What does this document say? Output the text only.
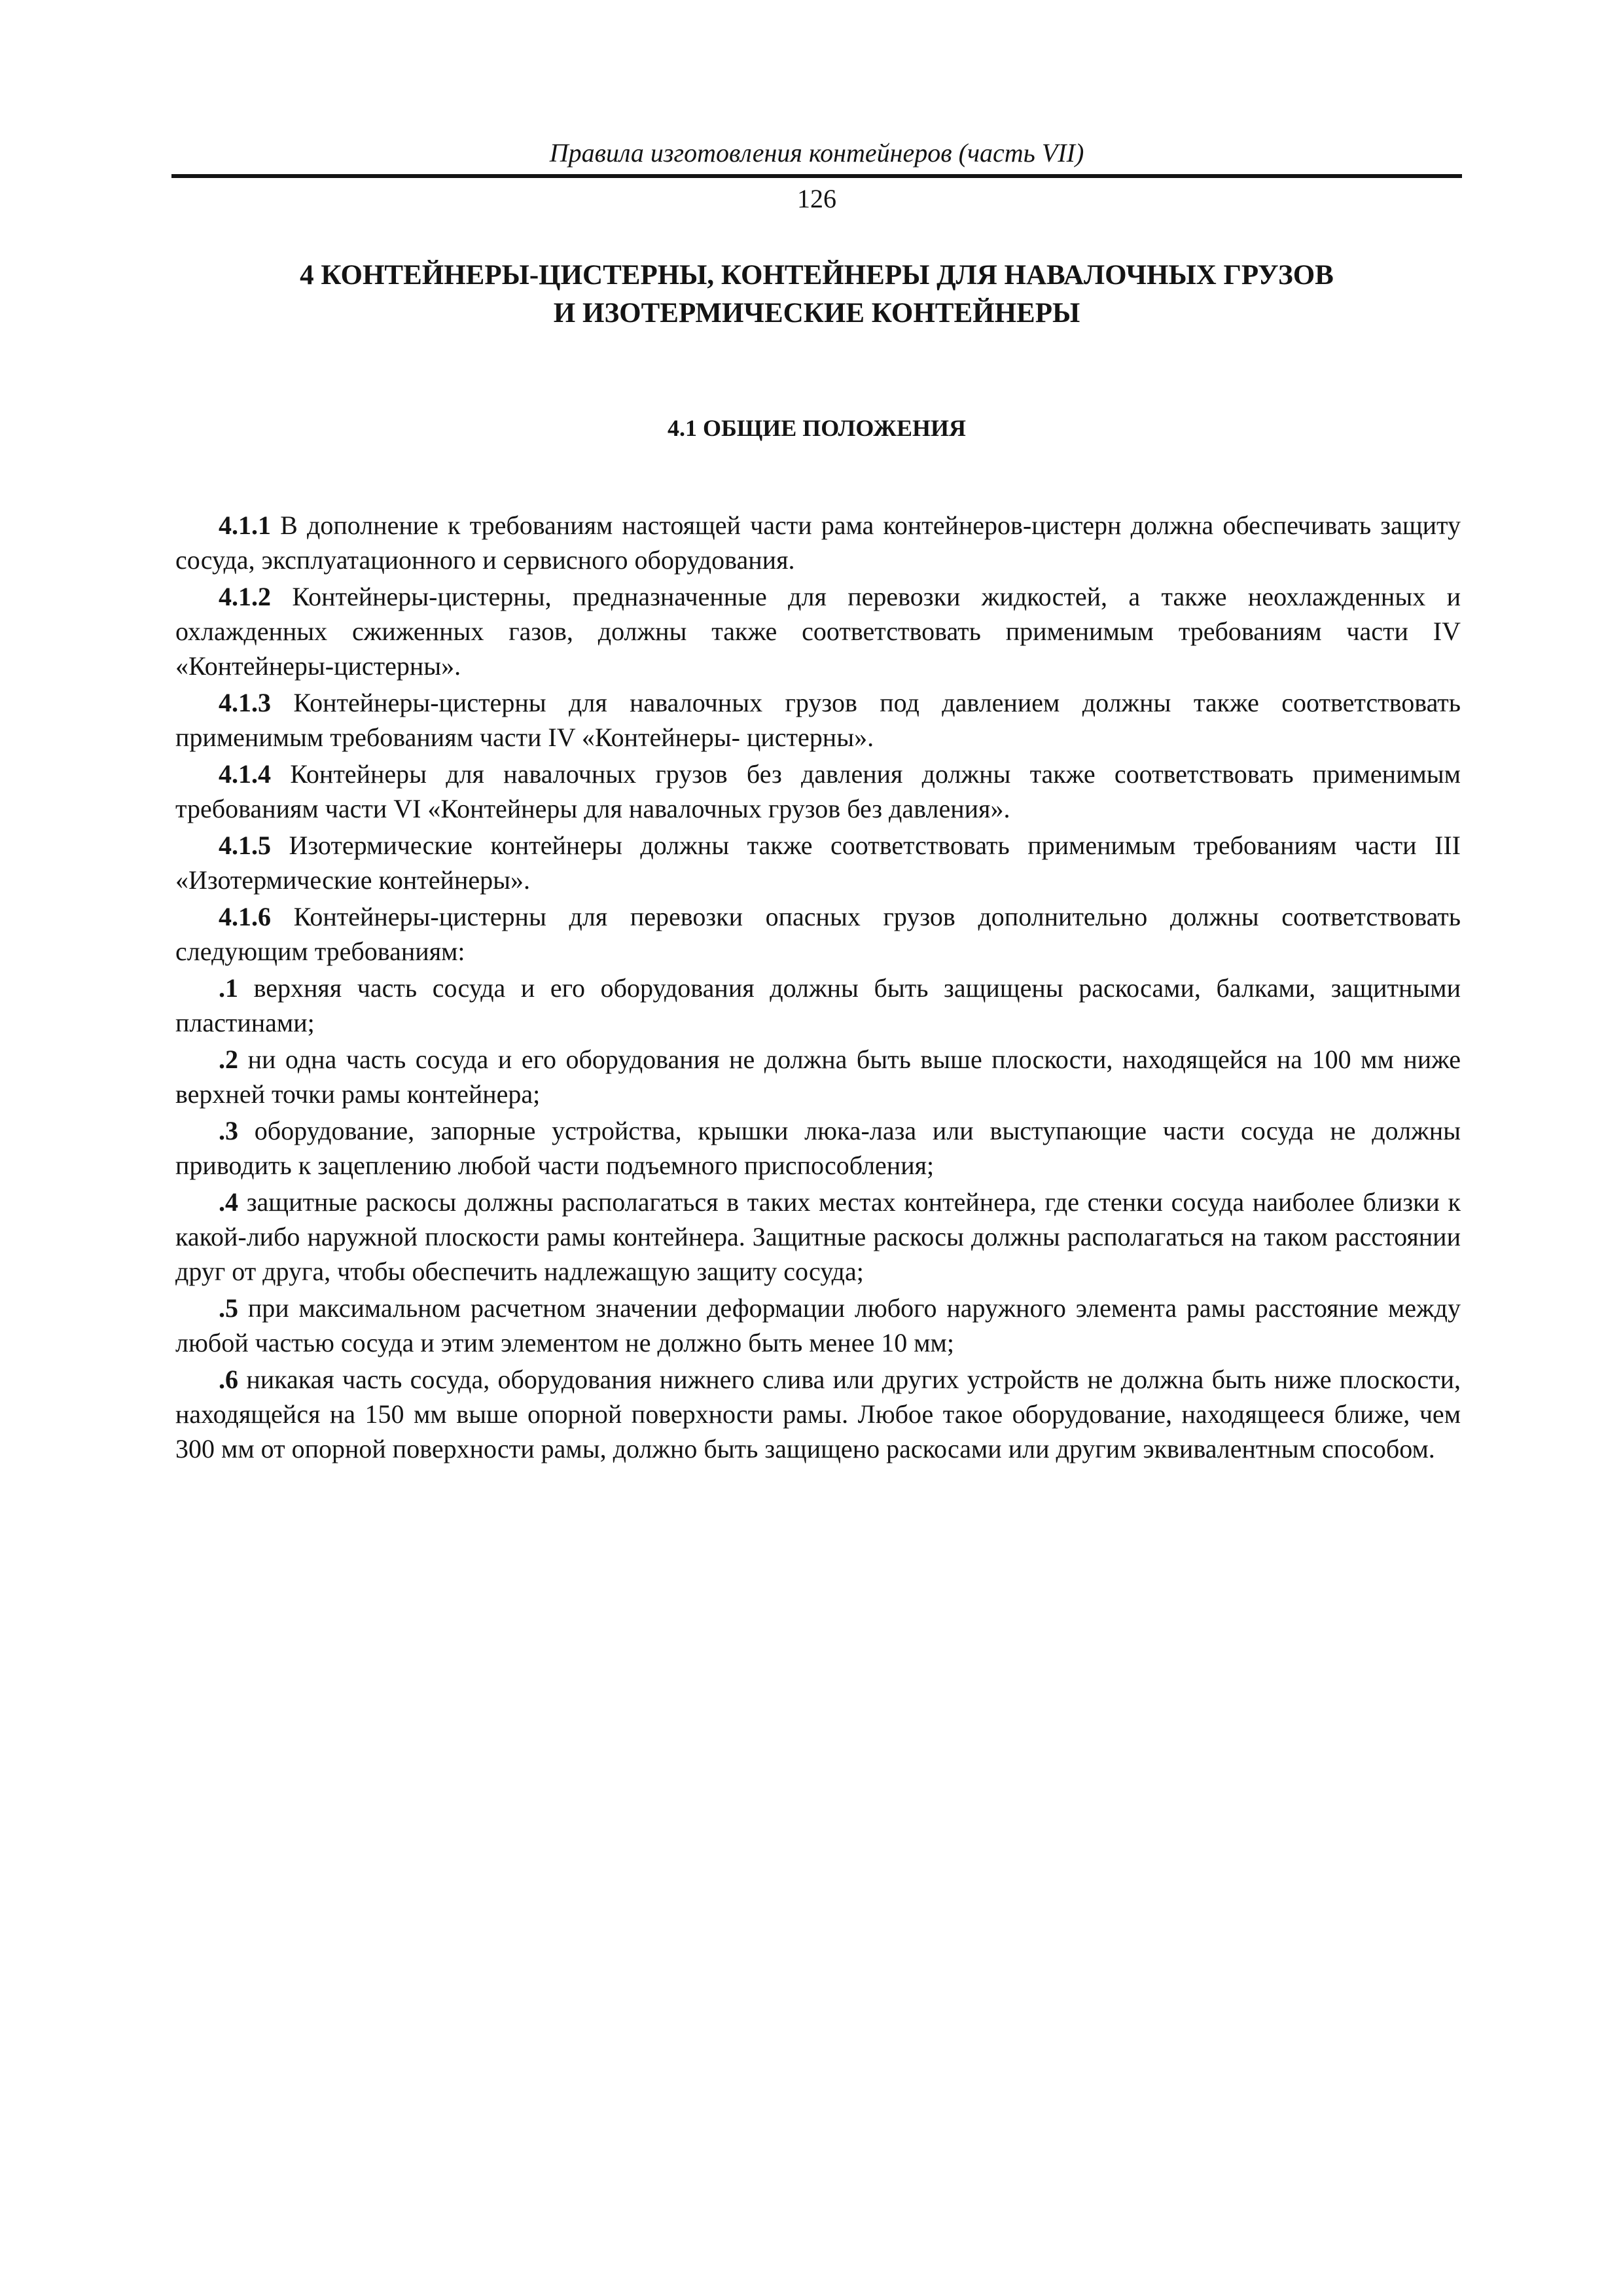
Правила изготовления контейнеров (часть VII)
126
4 КОНТЕЙНЕРЫ-ЦИСТЕРНЫ, КОНТЕЙНЕРЫ ДЛЯ НАВАЛОЧНЫХ ГРУЗОВ
И ИЗОТЕРМИЧЕСКИЕ КОНТЕЙНЕРЫ
4.1 ОБЩИЕ ПОЛОЖЕНИЯ

4.1.1 В дополнение к требованиям настоящей части рама контейнеров-цистерн должна обеспечивать защиту сосуда, эксплуатационного и сервисного оборудования.

4.1.2 Контейнеры-цистерны, предназначенные для перевозки жидкостей, а также неохлажденных и охлажденных сжиженных газов, должны также соответствовать применимым требованиям части IV «Контейнеры-цистерны».

4.1.3 Контейнеры-цистерны для навалочных грузов под давлением должны также соответствовать применимым требованиям части IV «Контейнеры- цистерны».

4.1.4 Контейнеры для навалочных грузов без давления должны также соответствовать применимым требованиям части VI «Контейнеры для навалочных грузов без давления».

4.1.5 Изотермические контейнеры должны также соответствовать применимым требованиям части III «Изотермические контейнеры».

4.1.6 Контейнеры-цистерны для перевозки опасных грузов дополнительно должны соответствовать следующим требованиям:

.1 верхняя часть сосуда и его оборудования должны быть защищены раскосами, балками, защитными пластинами;

.2 ни одна часть сосуда и его оборудования не должна быть выше плоскости, находящейся на 100 мм ниже верхней точки рамы контейнера;

.3 оборудование, запорные устройства, крышки люка-лаза или выступающие части сосуда не должны приводить к зацеплению любой части подъемного приспособления;

.4 защитные раскосы должны располагаться в таких местах контейнера, где стенки сосуда наиболее близки к какой-либо наружной плоскости рамы контейнера. Защитные раскосы должны располагаться на таком расстоянии друг от друга, чтобы обеспечить надлежащую защиту сосуда;

.5 при максимальном расчетном значении деформации любого наружного элемента рамы расстояние между любой частью сосуда и этим элементом не должно быть менее 10 мм;

.6 никакая часть сосуда, оборудования нижнего слива или других устройств не должна быть ниже плоскости, находящейся на 150 мм выше опорной поверхности рамы. Любое такое оборудование, находящееся ближе, чем 300 мм от опорной поверхности рамы, должно быть защищено раскосами или другим эквивалентным способом.
